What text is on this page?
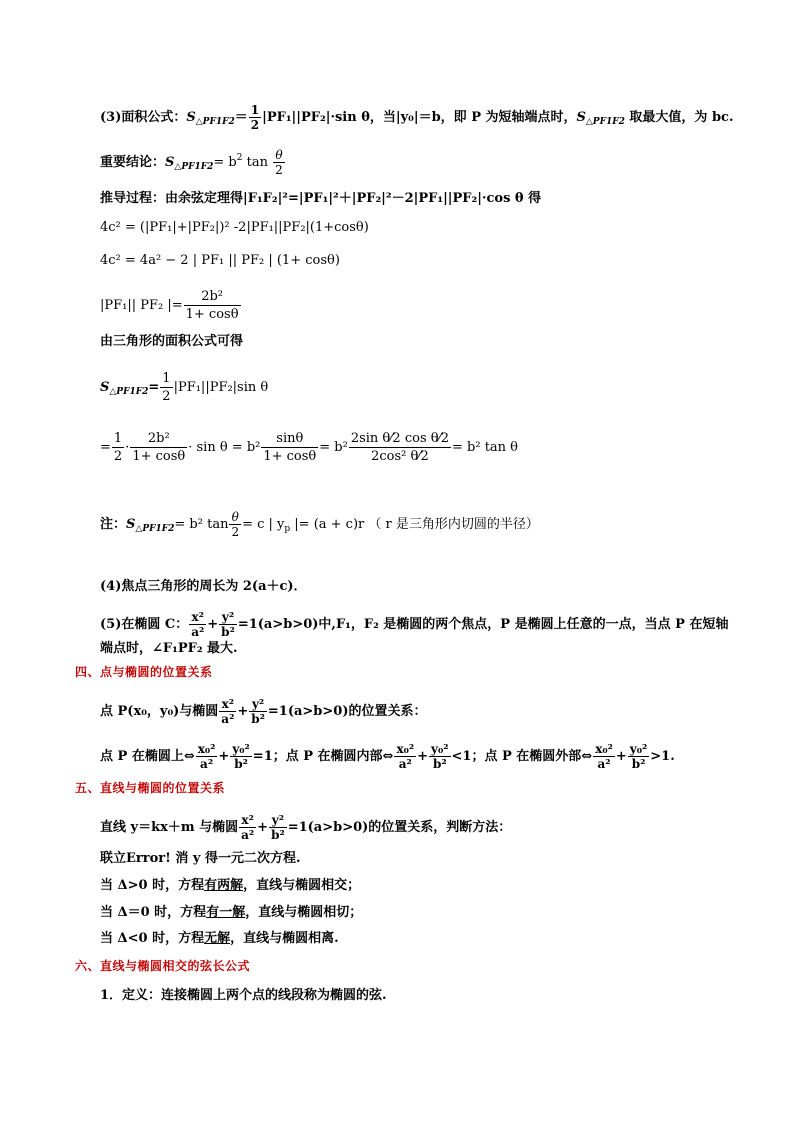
(3)面积公式：$S_{\triangle PF1F2}= \frac{1}{2} |PF_1||PF_2|\cdot\sin$ θ，当|y₀|＝b，即 P 为短轴端点时，$S_{\triangle PF1F2}$ 取最大值，为 bc.
重要结论：$S_{\triangle PF1F2}= b^2$ $\tan \frac{\theta}{2}$
推导过程：由余弦定理得|F₁F₂|²=|PF₁|²＋|PF₂|²－2|PF₁||PF₂|·cos θ 得
4c² = (|PF₁|+|PF₂|)² -2|PF₁||PF₂|(1+cosθ)
4c² = 4a² − 2 | PF₁ || PF₂ | (1+ cosθ)
|PF₁|| PF₂ |= $\frac{\text{2b²}}{1+ \cos\theta}$
由三角形的面积公式可得
$S_{\triangle PF1F2}= \frac{1}{2} |PF_1||PF_2|\sin$ θ
= $\frac{1}{2} \cdot \frac{\text{2b²}}{1+ \cos\theta} \cdot \sin \theta = b^2 \frac{\sin\theta}{1+ \cos\theta} = b^2 \frac{\text{2sin θ⁄2 cos θ⁄2}}{\text{2cos² θ⁄2}} = b^2$ tan θ
注：$S_{\triangle PF1F2}= b^2$ $\tan \frac{\theta}{2} = c$ | $y_p$ |= (a + c)r （ r 是三角形内切圆的半径）
(4)焦点三角形的周长为 2(a＋c)．
(5)在椭圆 C： $\frac{\text{x²}}{\text{a²}} + \frac{\text{y²}}{\text{b²}} =1(a>b>0)$中,F₁，F₂ 是椭圆的两个焦点，P 是椭圆上任意的一点，当点 P 在短轴
端点时，∠F₁PF₂ 最大.
四、点与椭圆的位置关系
点 P(x₀，y₀)与椭圆 $\frac{\text{x²}}{\text{a²}} + \frac{\text{y²}}{\text{b²}} =1(a>b>0)$的位置关系：
点 P 在椭圆上⇔ $\frac{\text{x₀²}}{\text{a²}} + \frac{\text{y₀²}}{\text{b²}} =1$；点 P 在椭圆内部⇔ $\frac{\text{x₀²}}{\text{a²}} + \frac{\text{y₀²}}{\text{b²}} <1$；点 P 在椭圆外部⇔ $\frac{\text{x₀²}}{\text{a²}} + \frac{\text{y₀²}}{\text{b²}} >1$.
五、直线与椭圆的位置关系
直线 y＝kx＋m 与椭圆 $\frac{\text{x²}}{\text{a²}} + \frac{\text{y²}}{\text{b²}} =1(a>b>0)$的位置关系，判断方法：
联立Error! 消 y 得一元二次方程.
当 Δ>0 时，方程有两解，直线与椭圆相交；
当 Δ＝0 时，方程有一解，直线与椭圆相切；
当 Δ<0 时，方程无解，直线与椭圆相离.
六、直线与椭圆相交的弦长公式
1．定义：连接椭圆上两个点的线段称为椭圆的弦.
